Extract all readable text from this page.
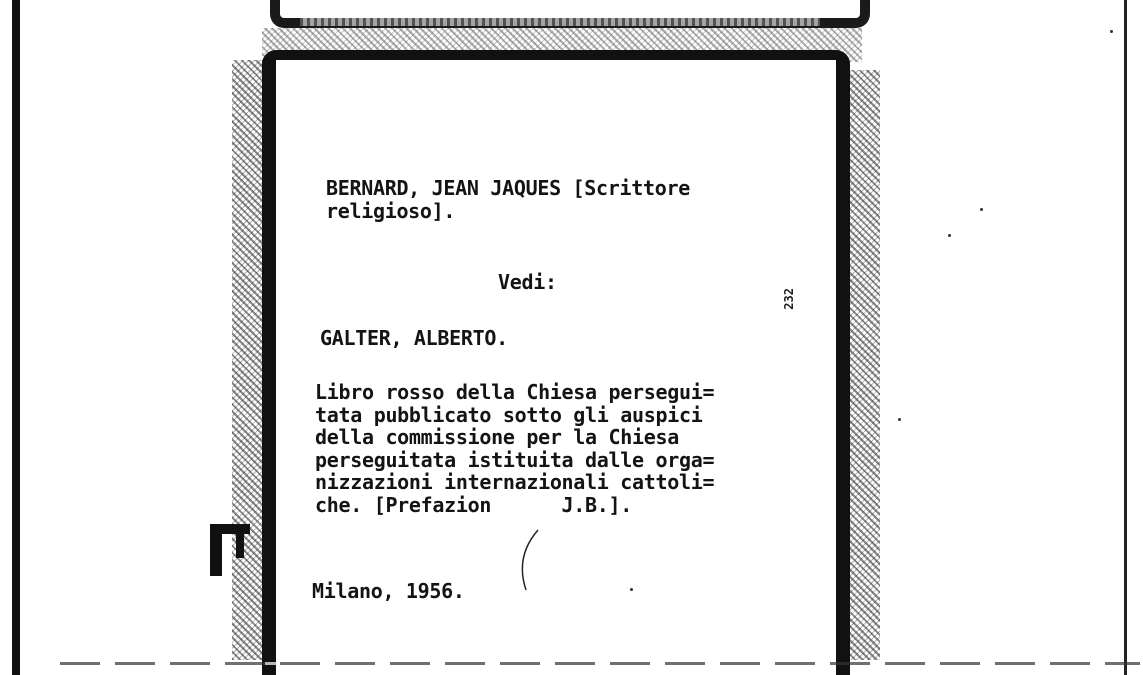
BERNARD, JEAN JAQUES [Scrittore
religioso].

Vedi:

232

GALTER, ALBERTO.

Libro rosso della Chiesa persegui=
tata pubblicato sotto gli auspici
della commissione per la Chiesa
perseguitata istituita dalle orga=
nizzazioni internazionali cattoli=
che. [Prefazion      J.B.].

Milano, 1956.
